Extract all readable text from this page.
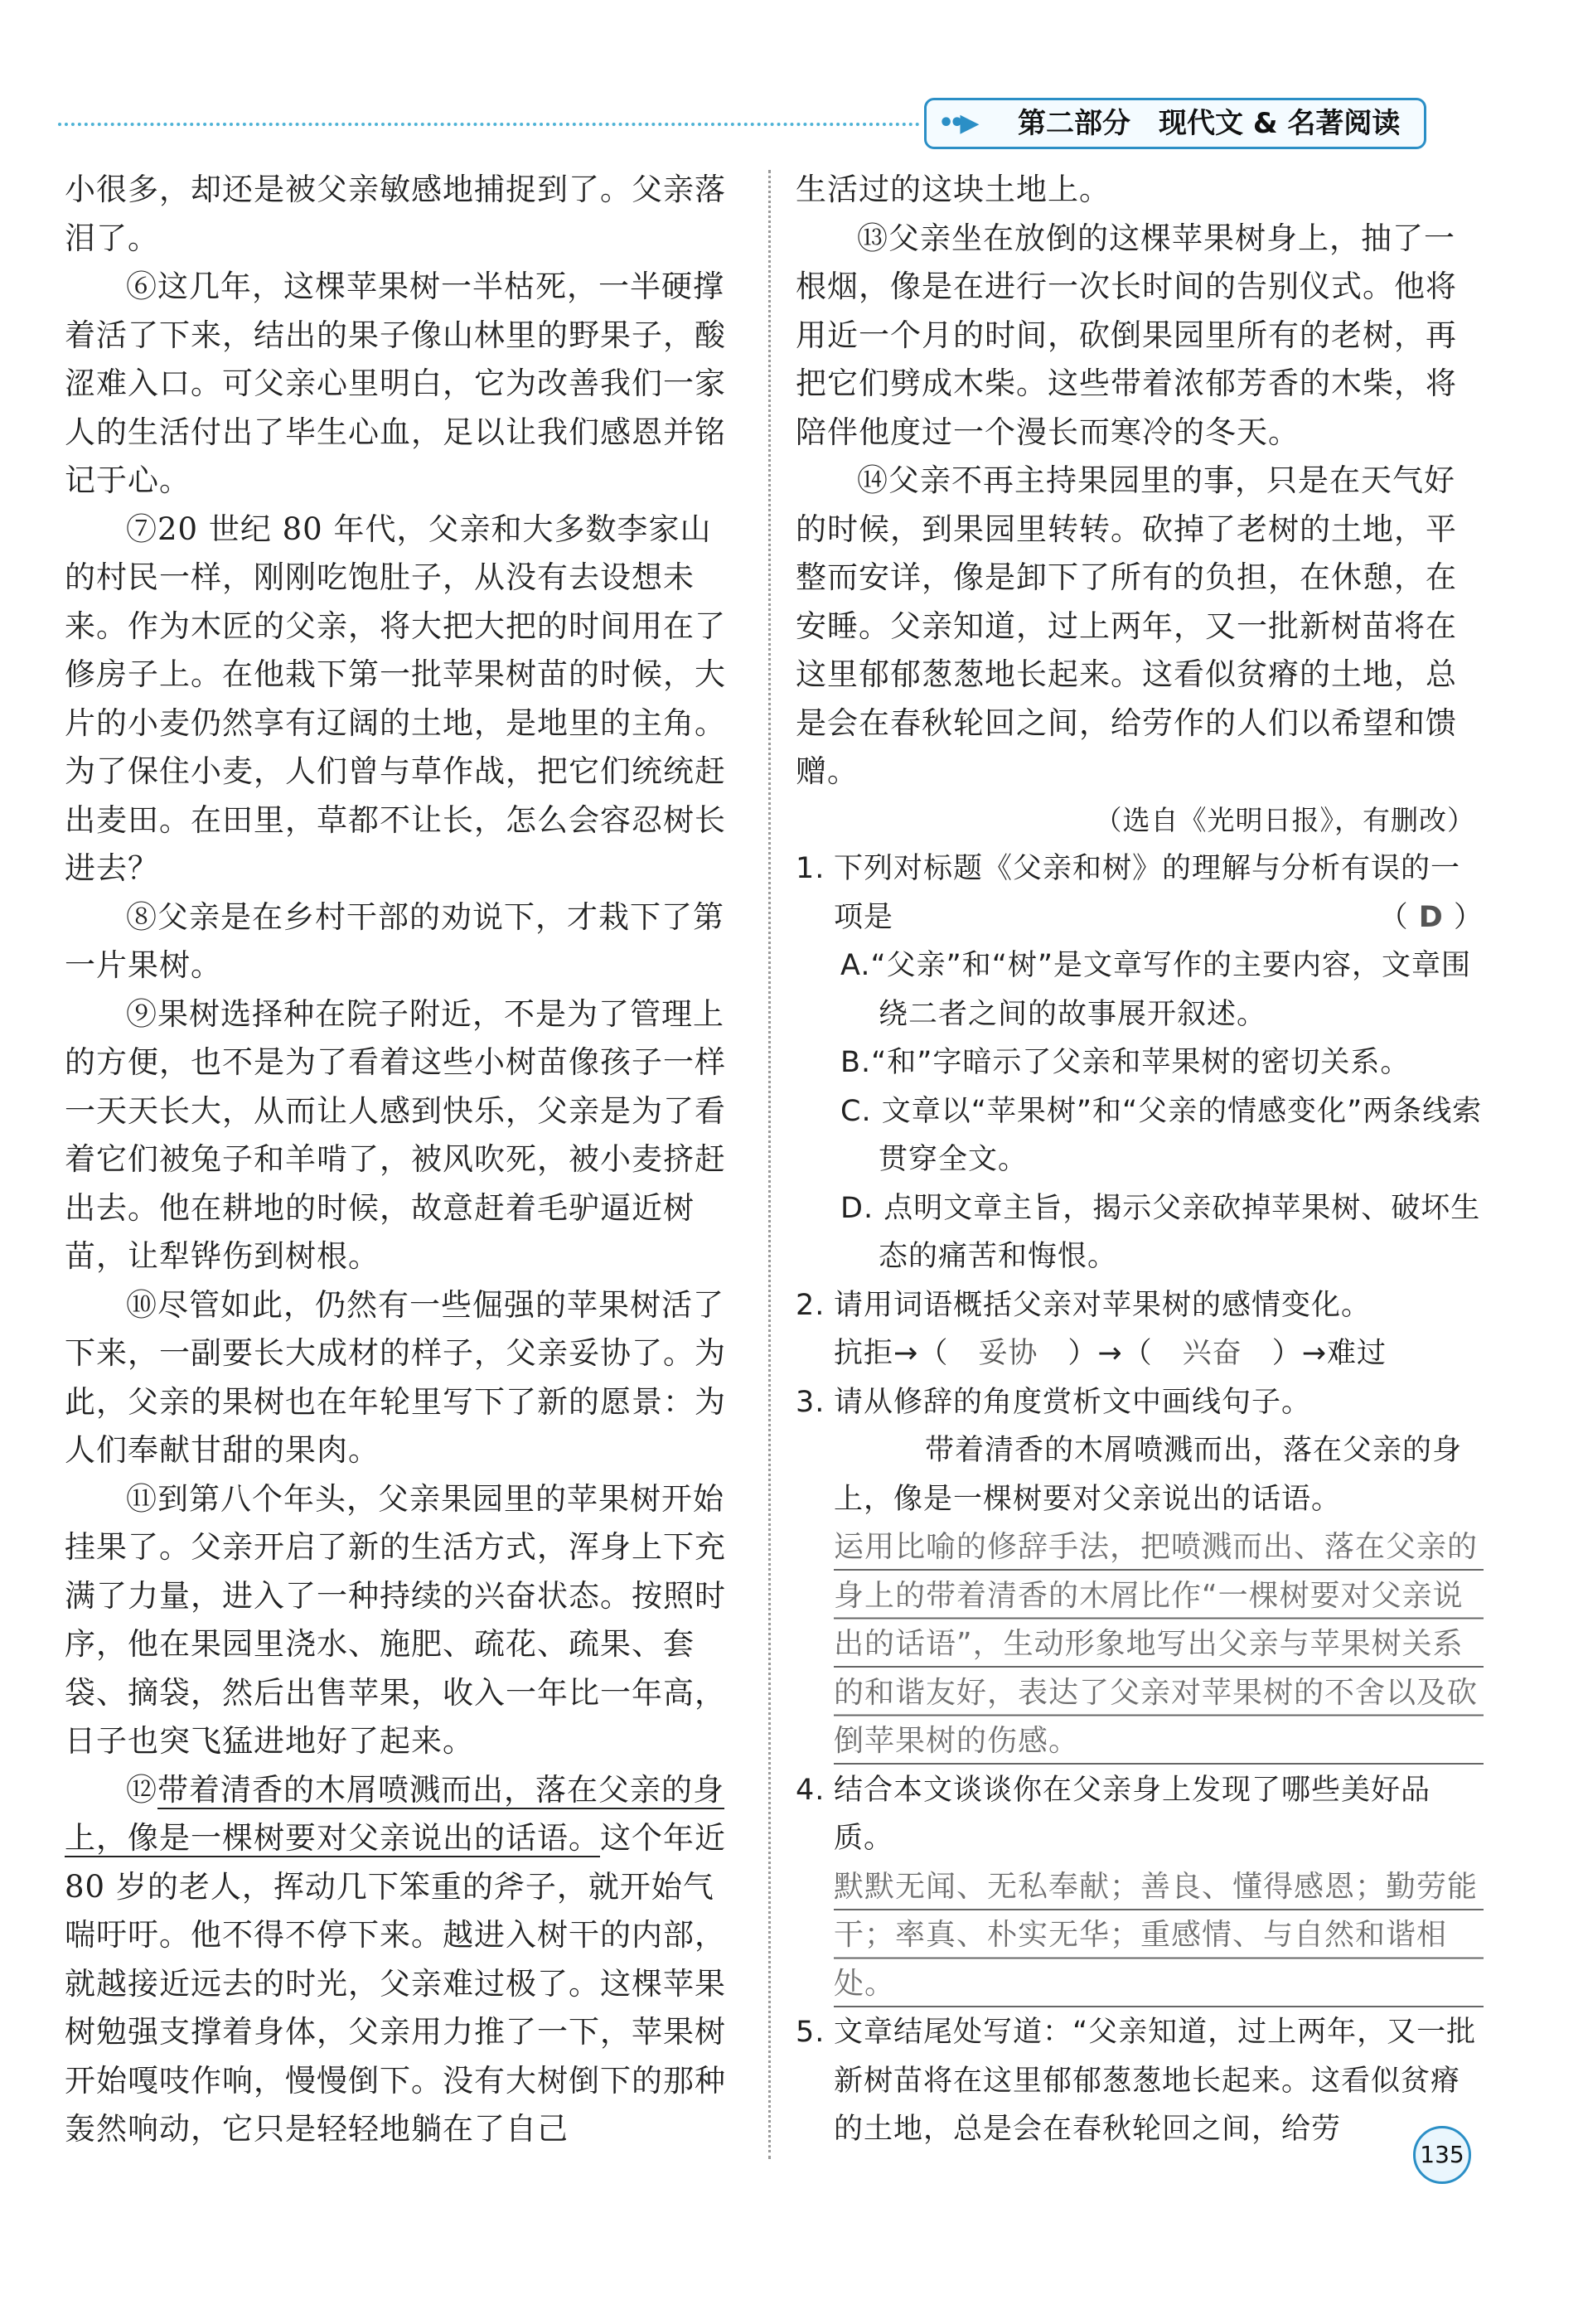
••▶ 第二部分　现代文 & 名著阅读

小很多，却还是被父亲敏感地捕捉到了。父亲落泪了。

⑥这几年，这棵苹果树一半枯死，一半硬撑着活了下来，结出的果子像山林里的野果子，酸涩难入口。可父亲心里明白，它为改善我们一家人的生活付出了毕生心血，足以让我们感恩并铭记于心。

⑦20 世纪 80 年代，父亲和大多数李家山的村民一样，刚刚吃饱肚子，从没有去设想未来。作为木匠的父亲，将大把大把的时间用在了修房子上。在他栽下第一批苹果树苗的时候，大片的小麦仍然享有辽阔的土地，是地里的主角。为了保住小麦，人们曾与草作战，把它们统统赶出麦田。在田里，草都不让长，怎么会容忍树长进去？

⑧父亲是在乡村干部的劝说下，才栽下了第一片果树。

⑨果树选择种在院子附近，不是为了管理上的方便，也不是为了看着这些小树苗像孩子一样一天天长大，从而让人感到快乐，父亲是为了看着它们被兔子和羊啃了，被风吹死，被小麦挤赶出去。他在耕地的时候，故意赶着毛驴逼近树苗，让犁铧伤到树根。

⑩尽管如此，仍然有一些倔强的苹果树活了下来，一副要长大成材的样子，父亲妥协了。为此，父亲的果树也在年轮里写下了新的愿景：为人们奉献甘甜的果肉。

⑪到第八个年头，父亲果园里的苹果树开始挂果了。父亲开启了新的生活方式，浑身上下充满了力量，进入了一种持续的兴奋状态。按照时序，他在果园里浇水、施肥、疏花、疏果、套袋、摘袋，然后出售苹果，收入一年比一年高，日子也突飞猛进地好了起来。

⑫带着清香的木屑喷溅而出，落在父亲的身上，像是一棵树要对父亲说出的话语。这个年近 80 岁的老人，挥动几下笨重的斧子，就开始气喘吁吁。他不得不停下来。越进入树干的内部，就越接近远去的时光，父亲难过极了。这棵苹果树勉强支撑着身体，父亲用力推了一下，苹果树开始嘎吱作响，慢慢倒下。没有大树倒下的那种轰然响动，它只是轻轻地躺在了自己

生活过的这块土地上。

⑬父亲坐在放倒的这棵苹果树身上，抽了一根烟，像是在进行一次长时间的告别仪式。他将用近一个月的时间，砍倒果园里所有的老树，再把它们劈成木柴。这些带着浓郁芳香的木柴，将陪伴他度过一个漫长而寒冷的冬天。

⑭父亲不再主持果园里的事，只是在天气好的时候，到果园里转转。砍掉了老树的土地，平整而安详，像是卸下了所有的负担，在休憩，在安睡。父亲知道，过上两年，又一批新树苗将在这里郁郁葱葱地长起来。这看似贫瘠的土地，总是会在春秋轮回之间，给劳作的人们以希望和馈赠。

（选自《光明日报》，有删改）

1. 下列对标题《父亲和树》的理解与分析有误的一项是	（ D ）

A.“父亲”和“树”是文章写作的主要内容，文章围绕二者之间的故事展开叙述。

B.“和”字暗示了父亲和苹果树的密切关系。

C. 文章以“苹果树”和“父亲的情感变化”两条线索贯穿全文。

D. 点明文章主旨，揭示父亲砍掉苹果树、破坏生态的痛苦和悔恨。

2. 请用词语概括父亲对苹果树的感情变化。

抗拒→（　妥协　）→（　兴奋　）→难过

3. 请从修辞的角度赏析文中画线句子。

带着清香的木屑喷溅而出，落在父亲的身上，像是一棵树要对父亲说出的话语。

运用比喻的修辞手法，把喷溅而出、落在父亲的身上的带着清香的木屑比作“一棵树要对父亲说出的话语”，生动形象地写出父亲与苹果树关系的和谐友好，表达了父亲对苹果树的不舍以及砍倒苹果树的伤感。

4. 结合本文谈谈你在父亲身上发现了哪些美好品质。

默默无闻、无私奉献；善良、懂得感恩；勤劳能干；率真、朴实无华；重感情、与自然和谐相处。

5. 文章结尾处写道：“父亲知道，过上两年，又一批新树苗将在这里郁郁葱葱地长起来。这看似贫瘠的土地，总是会在春秋轮回之间，给劳

135
